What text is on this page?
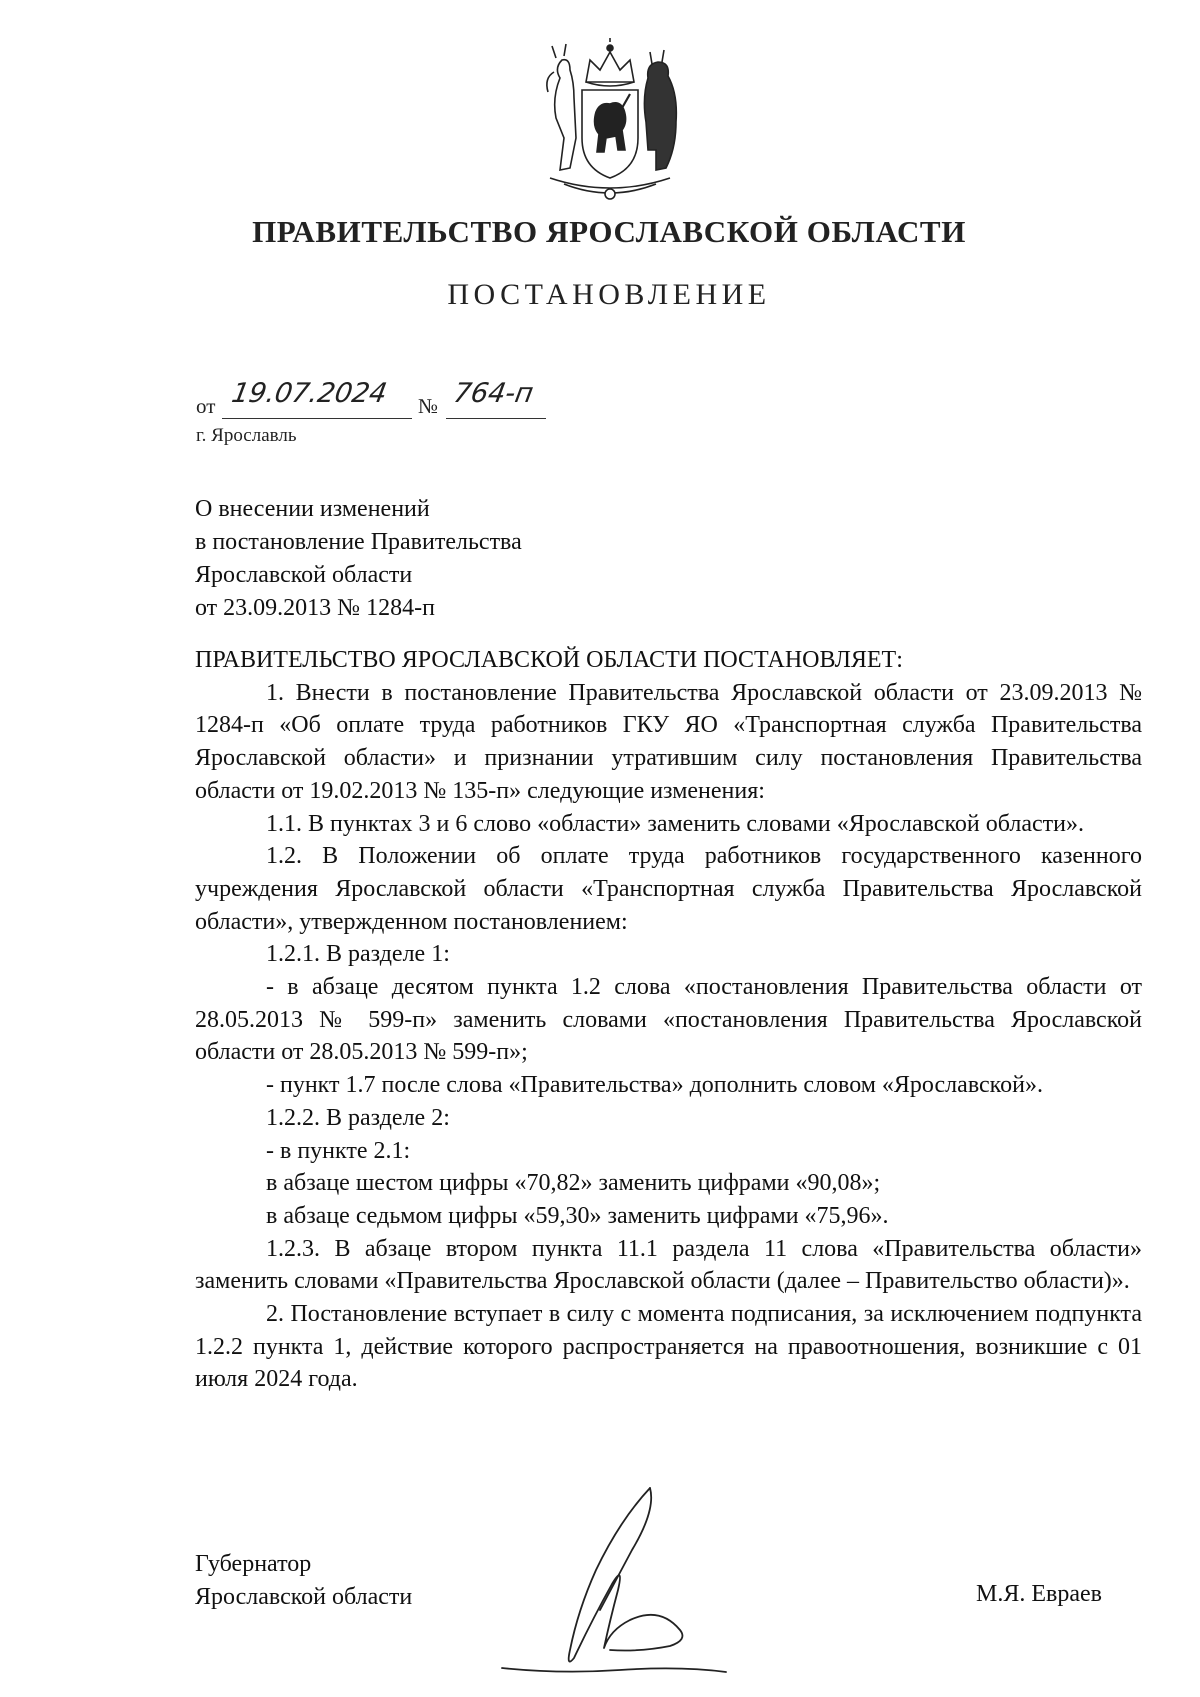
ПРАВИТЕЛЬСТВО ЯРОСЛАВСКОЙ ОБЛАСТИ
ПОСТАНОВЛЕНИЕ
от 19.07.2024 № 764-п
г. Ярославль
О внесении изменений
в постановление Правительства
Ярославской области
от 23.09.2013 № 1284-п

ПРАВИТЕЛЬСТВО ЯРОСЛАВСКОЙ ОБЛАСТИ ПОСТАНОВЛЯЕТ:

1. Внести в постановление Правительства Ярославской области от 23.09.2013 № 1284-п «Об оплате труда работников ГКУ ЯО «Транспортная служба Правительства Ярославской области» и признании утратившим силу постановления Правительства области от 19.02.2013 № 135-п» следующие изменения:

1.1. В пунктах 3 и 6 слово «области» заменить словами «Ярославской области».

1.2. В Положении об оплате труда работников государственного казенного учреждения Ярославской области «Транспортная служба Правительства Ярославской области», утвержденном постановлением:

1.2.1. В разделе 1:

- в абзаце десятом пункта 1.2 слова «постановления Правительства области от 28.05.2013 № 599-п» заменить словами «постановления Правительства Ярославской области от 28.05.2013 № 599-п»;

- пункт 1.7 после слова «Правительства» дополнить словом «Ярославской».

1.2.2. В разделе 2:

- в пункте 2.1:

в абзаце шестом цифры «70,82» заменить цифрами «90,08»;

в абзаце седьмом цифры «59,30» заменить цифрами «75,96».

1.2.3. В абзаце втором пункта 11.1 раздела 11 слова «Правительства области» заменить словами «Правительства Ярославской области (далее – Правительство области)».

2. Постановление вступает в силу с момента подписания, за исключением подпункта 1.2.2 пункта 1, действие которого распространяется на правоотношения, возникшие с 01 июля 2024 года.

Губернатор
Ярославской области	М.Я. Евраев
